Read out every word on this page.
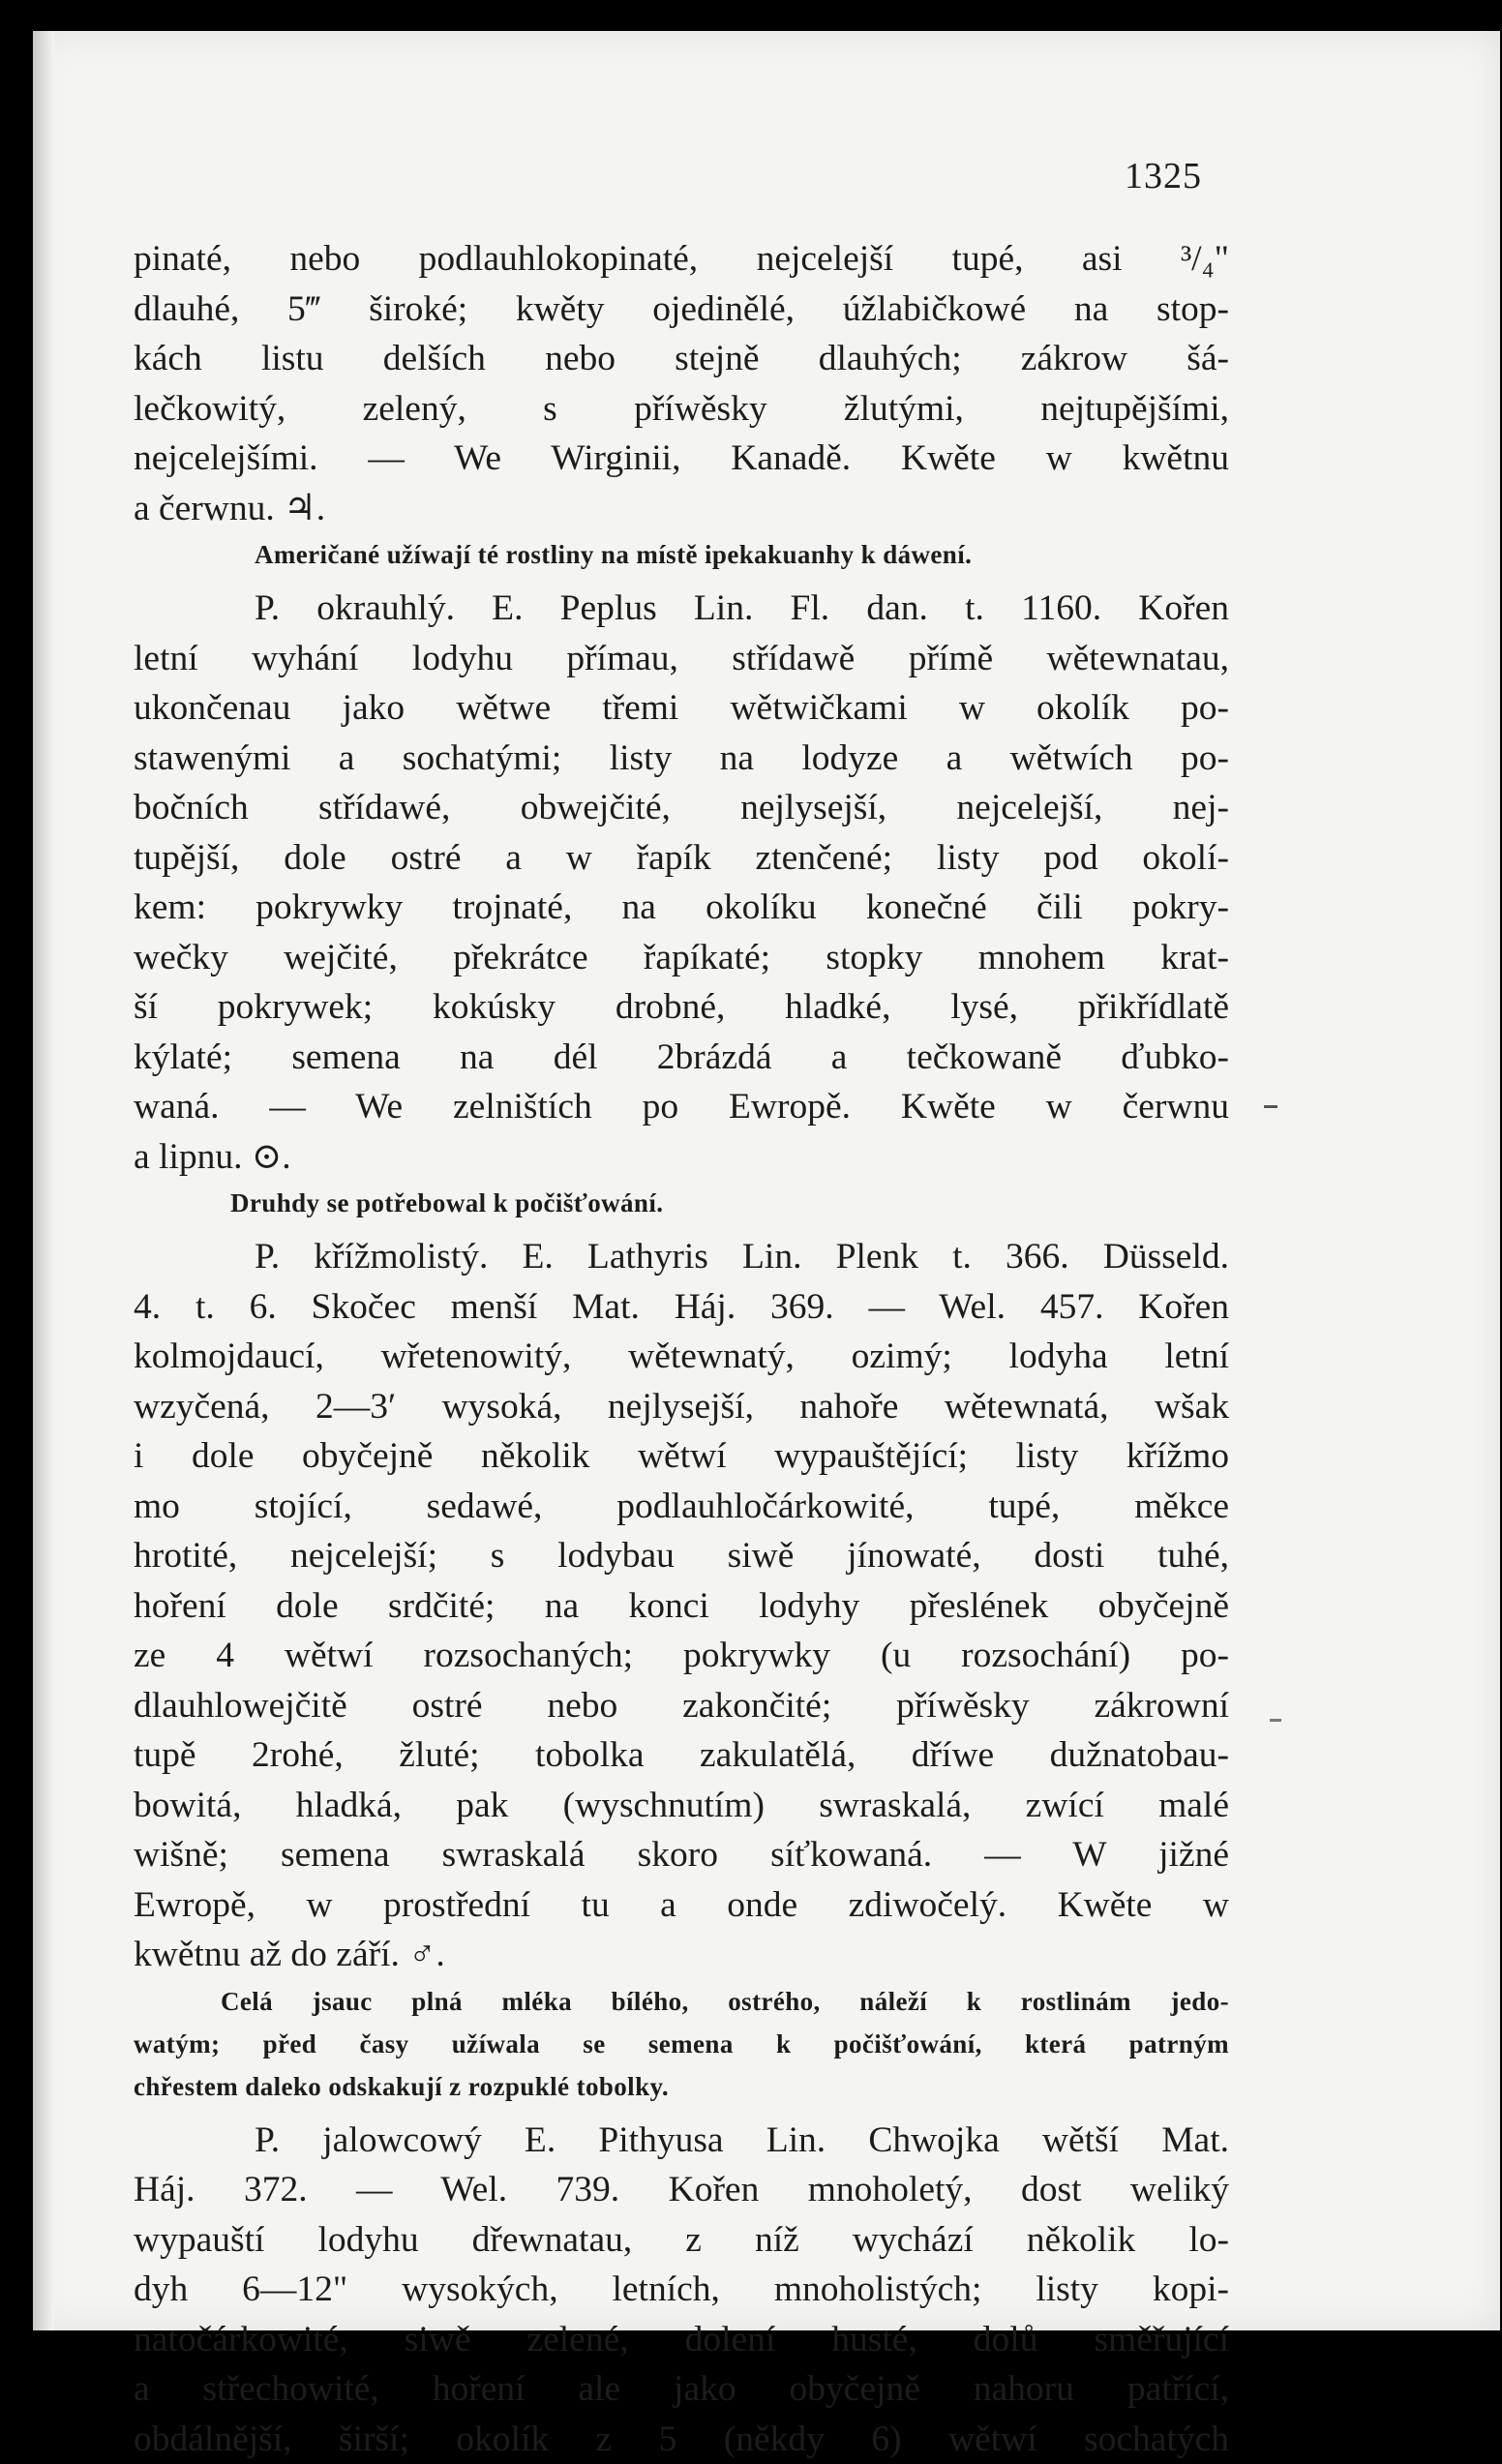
1325
pinaté, nebo podlauhlokopinaté, nejcelejší tupé, asi ³/₄"
dlauhé, 5‴ široké; kwěty ojedinělé, úžlabičkowé na stop-
kách listu delších nebo stejně dlauhých; zákrow šá-
lečkowitý, zelený, s příwěsky žlutými, nejtupějšími,
nejcelejšími. — We Wirginii, Kanadě. Kwěte w kwětnu
a čerwnu. ♃.
Američané užíwají té rostliny na místě ipekakuanhy k dáwení.
P. okrauhlý. E. Peplus Lin. Fl. dan. t. 1160. Kořen
letní wyhání lodyhu přímau, střídawě přímě wětewnatau,
ukončenau jako wětwe třemi wětwičkami w okolík po-
stawenými a sochatými; listy na lodyze a wětwích po-
bočních střídawé, obwejčité, nejlysejší, nejcelejší, nej-
tupější, dole ostré a w řapík ztenčené; listy pod okolí-
kem: pokrywky trojnaté, na okolíku konečné čili pokry-
wečky wejčité, překrátce řapíkaté; stopky mnohem krat-
ší pokrywek; kokúsky drobné, hladké, lysé, přikřídlatě
kýlaté; semena na dél 2brázdá a tečkowaně ďubko-
waná. — We zelništích po Ewropě. Kwěte w čerwnu
a lipnu. ⊙.
Druhdy se potřebowal k počišťowání.
P. křížmolistý. E. Lathyris Lin. Plenk t. 366. Düsseld.
4. t. 6. Skočec menší Mat. Háj. 369. — Wel. 457. Kořen
kolmojdaucí, wřetenowitý, wětewnatý, ozimý; lodyha letní
wzyčená, 2—3′ wysoká, nejlysejší, nahoře wětewnatá, wšak
i dole obyčejně několik wětwí wypauštějící; listy křížmo
mo stojící, sedawé, podlauhločárkowité, tupé, měkce
hrotité, nejcelejší; s lodybau siwě jínowaté, dosti tuhé,
hoření dole srdčité; na konci lodyhy přeslének obyčejně
ze 4 wětwí rozsochaných; pokrywky (u rozsochání) po-
dlauhlowejčitě ostré nebo zakončité; příwěsky zákrowní
tupě 2rohé, žluté; tobolka zakulatělá, dříwe dužnatobau-
bowitá, hladká, pak (wyschnutím) swraskalá, zwící malé
wišně; semena swraskalá skoro síťkowaná. — W jižné
Ewropě, w prostřední tu a onde zdiwočelý. Kwěte w
kwětnu až do září. ♂.
Celá jsauc plná mléka bílého, ostrého, náleží k rostlinám jedo-
watým; před časy užíwala se semena k počišťowání, která patrným
chřestem daleko odskakují z rozpuklé tobolky.
P. jalowcowý E. Pithyusa Lin. Chwojka wětší Mat.
Háj. 372. — Wel. 739. Kořen mnoholetý, dost weliký
wypauští lodyhu dřewnatau, z níž wychází několik lo-
dyh 6—12" wysokých, letních, mnoholistých; listy kopi-
natočárkowité, siwě zelené, dolení husté, dolů směřující
a střechowité, hoření ale jako obyčejně nahoru patřící,
obdálnější, širší; okolík z 5 (někdy 6) wětwí sochatých
